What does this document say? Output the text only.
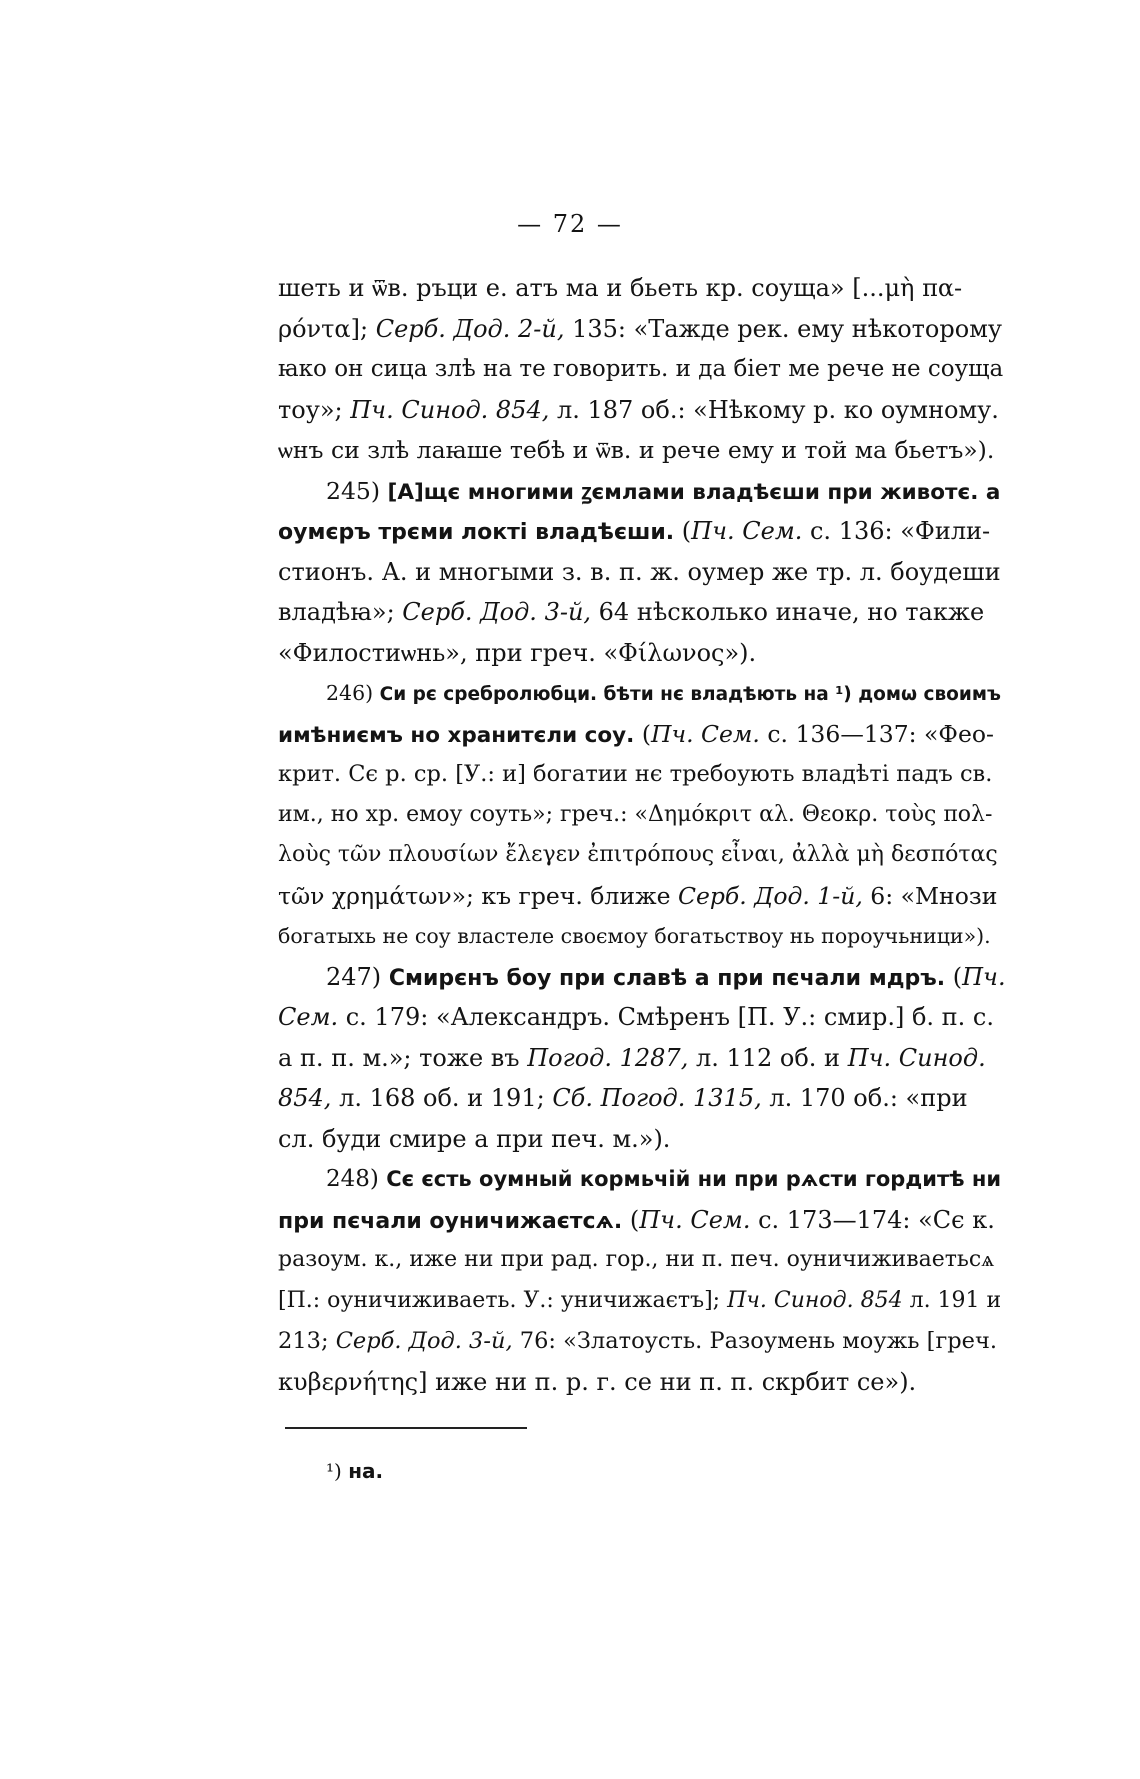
— 72 —
шеть и ѿв. ръци е. атъ ма и бьеть кр. соуща» [...μὴ πα-
ρόντα]; Серб. Дод. 2-й, 135: «Тажде рек. ему нѣкоторому
ꙗко он сица злѣ на те говорить. и да біет ме рече не соуща
тоу»; Пч. Синод. 854, л. 187 об.: «Нѣкому р. ко оумному.
ѡнъ си злѣ лаꙗше тебѣ и ѿв. и рече ему и той ма бьетъ»).
245) [А]щє многими ꙁємлами владѣєши при животє. а
оумєръ трєми локті владѣєши. (Пч. Сем. с. 136: «Фили-
стионъ. А. и многыми з. в. п. ж. оумер же тр. л. боудеши
владѣꙗ»; Серб. Дод. 3-й, 64 нѣсколько иначе, но также
«Филостиѡнь», при греч. «Φίλωνος»).
246) Си рє сребролюбци. бѣти нє владѣють на ¹) домѡ своимъ
имѣниємъ но хранитєли соу. (Пч. Сем. с. 136—137: «Фео-
крит. Сє р. ср. [У.: и] богатии нє требоують владѣті падъ св.
им., но хр. емоу соуть»; греч.: «Δημόκριτ αλ. Θεοκρ. τοὺς πολ-
λοὺς τῶν πλουσίων ἔλεγεν ἐπιτρόπους εἶναι, ἀλλὰ μὴ δεσπότας
τῶν χρημάτων»; къ греч. ближе Серб. Дод. 1-й, 6: «Мнози
богатыхь не соу властеле своємоу богатьствоу нь пороучьници»).
247) Смирєнъ боу при славѣ а при пєчали мдръ. (Пч.
Сем. с. 179: «Александръ. Смѣренъ [П. У.: смир.] б. п. с.
а п. п. м.»; тоже въ Погод. 1287, л. 112 об. и Пч. Синод.
854, л. 168 об. и 191; Сб. Погод. 1315, л. 170 об.: «при
сл. буди смире а при печ. м.»).
248) Сє єсть оумный кормьчій ни при рѧсти гордитѣ ни
при пєчали оуничижаєтсѧ. (Пч. Сем. с. 173—174: «Сє к.
разоум. к., иже ни при рад. гор., ни п. печ. оуничиживаетьсѧ
[П.: оуничиживаеть. У.: уничижаєтъ]; Пч. Синод. 854 л. 191 и
213; Серб. Дод. 3-й, 76: «Златоусть. Разоумень моужь [греч.
κυβερνήτης] иже ни п. р. г. се ни п. п. скрбит се»).
¹) на.
